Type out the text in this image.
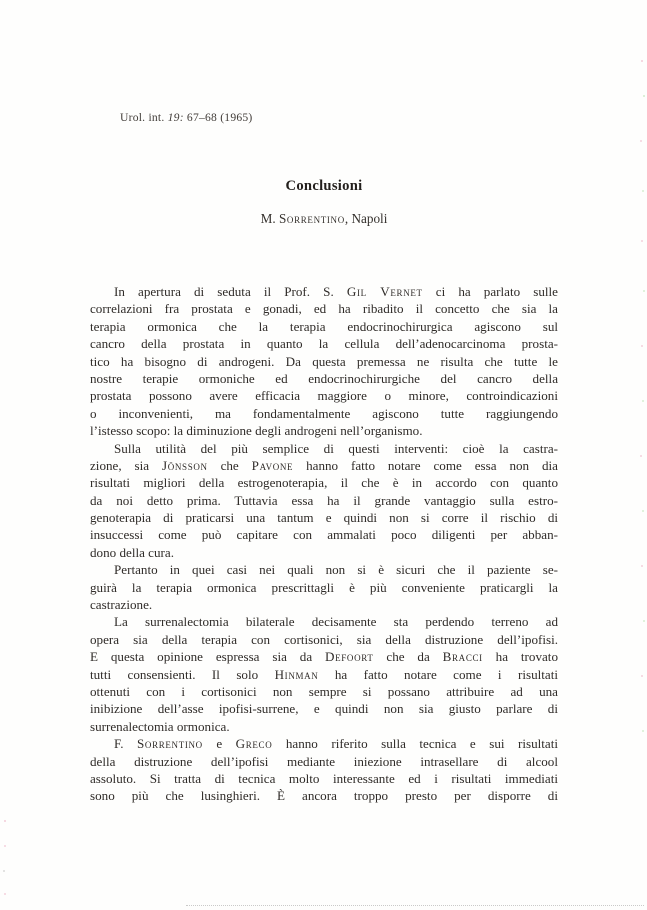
Urol. int. 19: 67–68 (1965)
Conclusioni
M. Sorrentino, Napoli
In apertura di seduta il Prof. S. Gil Vernet ci ha parlato sulle
correlazioni fra prostata e gonadi, ed ha ribadito il concetto che sia la
terapia ormonica che la terapia endocrinochirurgica agiscono sul
cancro della prostata in quanto la cellula dell’adenocarcinoma prosta-
tico ha bisogno di androgeni. Da questa premessa ne risulta che tutte le
nostre terapie ormoniche ed endocrinochirurgiche del cancro della
prostata possono avere efficacia maggiore o minore, controindicazioni
o inconvenienti, ma fondamentalmente agiscono tutte raggiungendo
l’istesso scopo: la diminuzione degli androgeni nell’organismo.
Sulla utilità del più semplice di questi interventi: cioè la castra-
zione, sia Jönsson che Pavone hanno fatto notare come essa non dia
risultati migliori della estrogenoterapia, il che è in accordo con quanto
da noi detto prima. Tuttavia essa ha il grande vantaggio sulla estro-
genoterapia di praticarsi una tantum e quindi non si corre il rischio di
insuccessi come può capitare con ammalati poco diligenti per abban-
dono della cura.
Pertanto in quei casi nei quali non si è sicuri che il paziente se-
guirà la terapia ormonica prescrittagli è più conveniente praticargli la
castrazione.
La surrenalectomia bilaterale decisamente sta perdendo terreno ad
opera sia della terapia con cortisonici, sia della distruzione dell’ipofisi.
E questa opinione espressa sia da Defoort che da Bracci ha trovato
tutti consensienti. Il solo Hinman ha fatto notare come i risultati
ottenuti con i cortisonici non sempre si possano attribuire ad una
inibizione dell’asse ipofisi-surrene, e quindi non sia giusto parlare di
surrenalectomia ormonica.
F. Sorrentino e Greco hanno riferito sulla tecnica e sui risultati
della distruzione dell’ipofisi mediante iniezione intrasellare di alcool
assoluto. Si tratta di tecnica molto interessante ed i risultati immediati
sono più che lusinghieri. È ancora troppo presto per disporre di
